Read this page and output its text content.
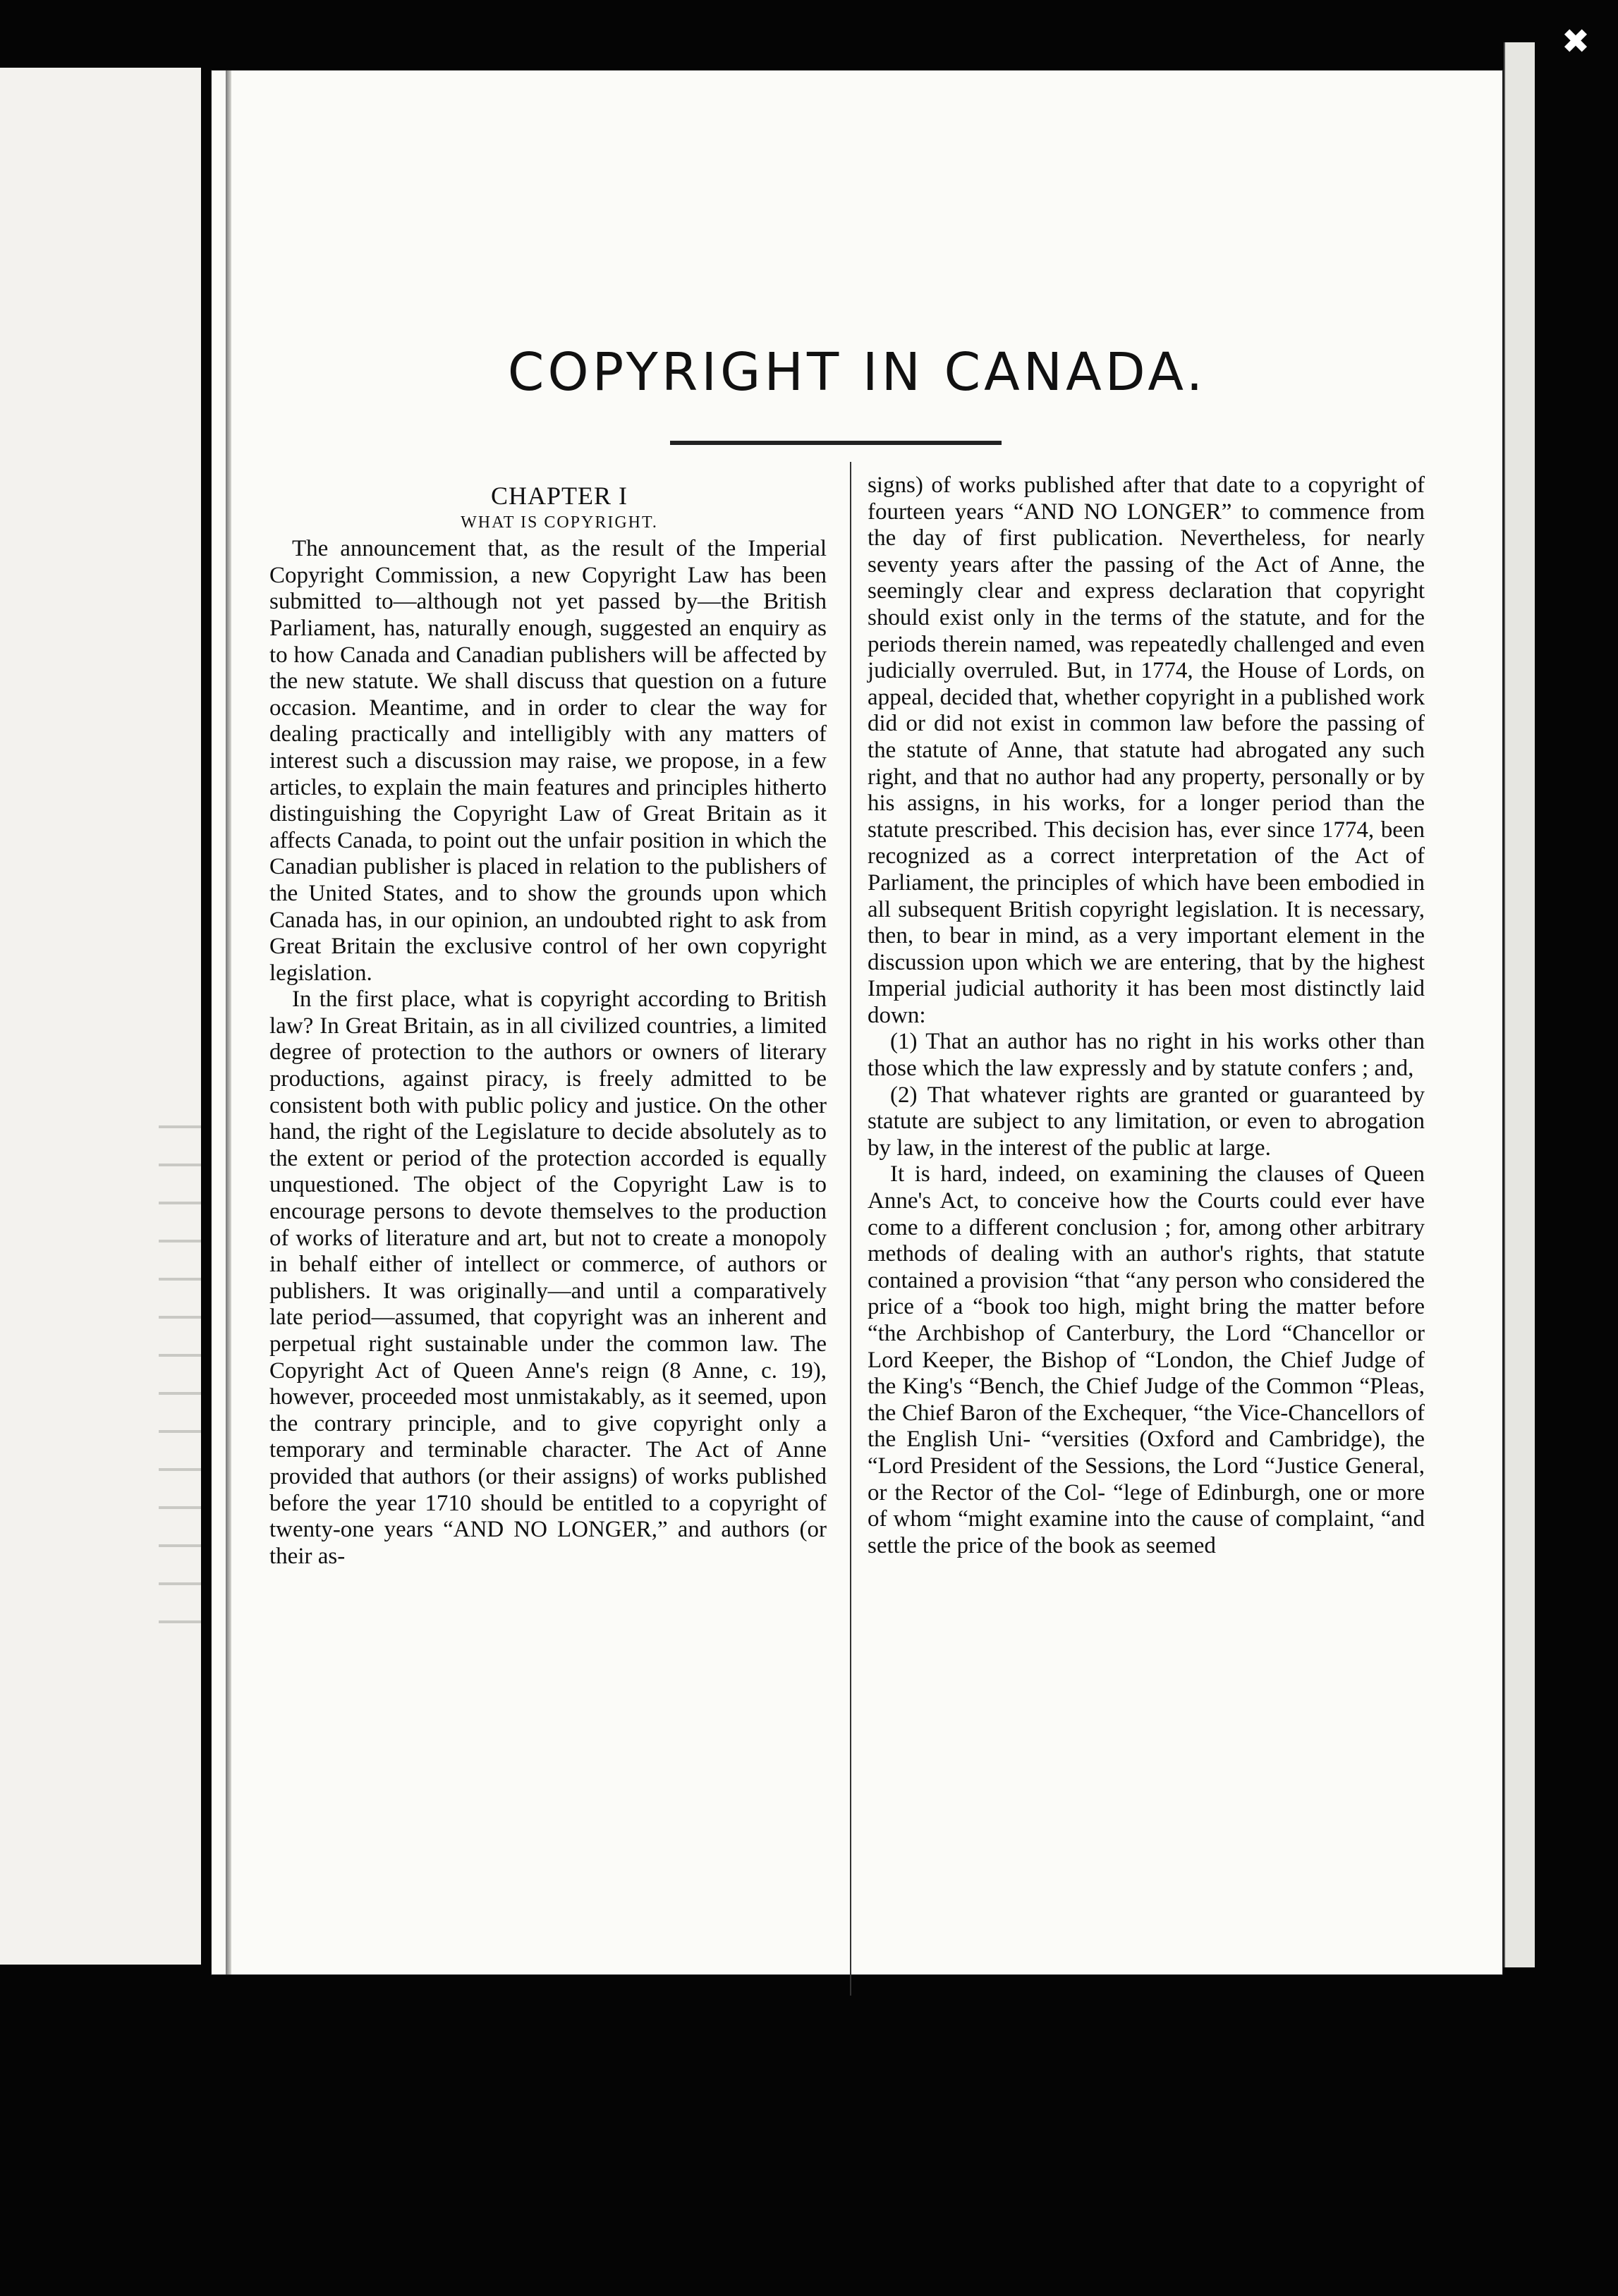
✖
COPYRIGHT IN CANADA.

CHAPTER I

WHAT IS COPYRIGHT.

The announcement that, as the result of the Imperial Copyright Commission, a new Copyright Law has been submitted to—although not yet passed by—the British Parliament, has, naturally enough, suggested an enquiry as to how Canada and Canadian publishers will be affected by the new statute. We shall discuss that question on a future occasion. Meantime, and in order to clear the way for dealing practically and intelligibly with any matters of interest such a discussion may raise, we propose, in a few articles, to explain the main features and principles hitherto distinguishing the Copyright Law of Great Britain as it affects Canada, to point out the unfair position in which the Canadian publisher is placed in relation to the publishers of the United States, and to show the grounds upon which Canada has, in our opinion, an undoubted right to ask from Great Britain the exclusive control of her own copyright legislation.

In the first place, what is copyright according to British law? In Great Britain, as in all civilized countries, a limited degree of protection to the authors or owners of literary productions, against piracy, is freely admitted to be consistent both with public policy and justice. On the other hand, the right of the Legislature to decide absolutely as to the extent or period of the protection accorded is equally unquestioned. The object of the Copyright Law is to encourage persons to devote themselves to the production of works of literature and art, but not to create a monopoly in behalf either of intellect or commerce, of authors or publishers. It was originally—and until a comparatively late period—assumed, that copyright was an inherent and perpetual right sustainable under the common law. The Copyright Act of Queen Anne's reign (8 Anne, c. 19), however, proceeded most unmistakably, as it seemed, upon the contrary principle, and to give copyright only a temporary and terminable character. The Act of Anne provided that authors (or their assigns) of works published before the year 1710 should be entitled to a copyright of twenty-one years “AND NO LONGER,” and authors (or their as-

signs) of works published after that date to a copyright of fourteen years “AND NO LONGER” to commence from the day of first publication. Nevertheless, for nearly seventy years after the passing of the Act of Anne, the seemingly clear and express declaration that copyright should exist only in the terms of the statute, and for the periods therein named, was repeatedly challenged and even judicially overruled. But, in 1774, the House of Lords, on appeal, decided that, whether copyright in a published work did or did not exist in common law before the passing of the statute of Anne, that statute had abrogated any such right, and that no author had any property, personally or by his assigns, in his works, for a longer period than the statute prescribed. This decision has, ever since 1774, been recognized as a correct interpretation of the Act of Parliament, the principles of which have been embodied in all subsequent British copyright legislation. It is necessary, then, to bear in mind, as a very important element in the discussion upon which we are entering, that by the highest Imperial judicial authority it has been most distinctly laid down:

(1) That an author has no right in his works other than those which the law expressly and by statute confers ; and,

(2) That whatever rights are granted or guaranteed by statute are subject to any limitation, or even to abrogation by law, in the interest of the public at large.

It is hard, indeed, on examining the clauses of Queen Anne's Act, to conceive how the Courts could ever have come to a different conclusion ; for, among other arbitrary methods of dealing with an author's rights, that statute contained a provision “that “any person who considered the price of a “book too high, might bring the matter before “the Archbishop of Canterbury, the Lord “Chancellor or Lord Keeper, the Bishop of “London, the Chief Judge of the King's “Bench, the Chief Judge of the Common “Pleas, the Chief Baron of the Exchequer, “the Vice-Chancellors of the English Uni- “versities (Oxford and Cambridge), the “Lord President of the Sessions, the Lord “Justice General, or the Rector of the Col- “lege of Edinburgh, one or more of whom “might examine into the cause of complaint, “and settle the price of the book as seemed
